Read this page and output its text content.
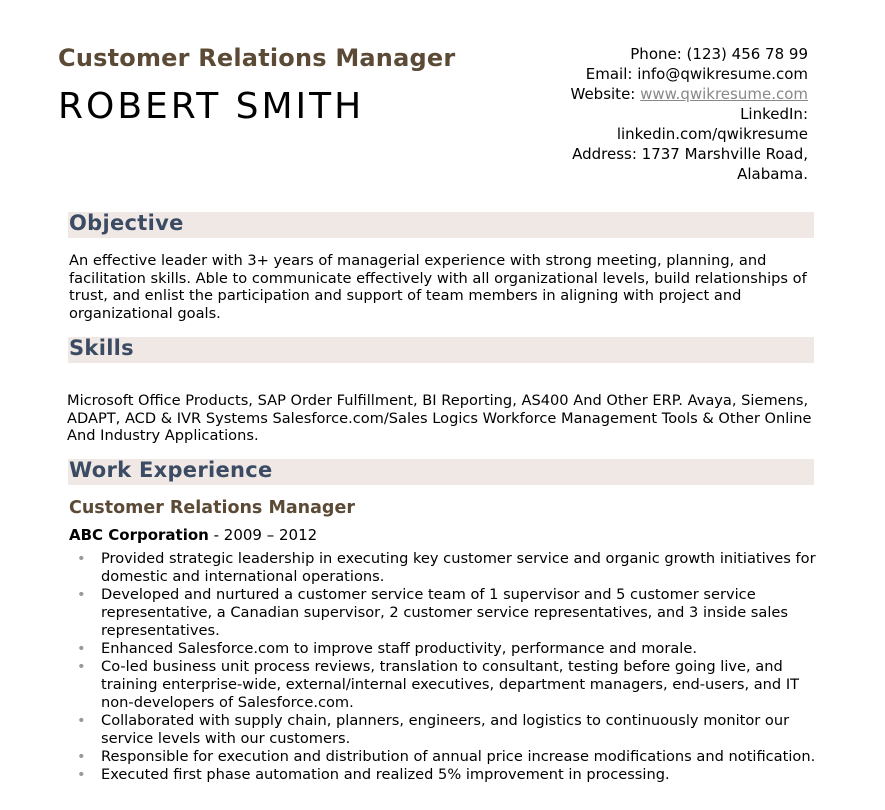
Customer Relations Manager
ROBERT SMITH
Phone: (123) 456 78 99
Email: info@qwikresume.com
Website: www.qwikresume.com
LinkedIn:
linkedin.com/qwikresume
Address: 1737 Marshville Road,
Alabama.
Objective
An effective leader with 3+ years of managerial experience with strong meeting, planning, and facilitation skills. Able to communicate effectively with all organizational levels, build relationships of trust, and enlist the participation and support of team members in aligning with project and organizational goals.
Skills
Microsoft Office Products, SAP Order Fulfillment, BI Reporting, AS400 And Other ERP. Avaya, Siemens, ADAPT, ACD & IVR Systems Salesforce.com/Sales Logics Workforce Management Tools & Other Online And Industry Applications.
Work Experience
Customer Relations Manager
ABC Corporation - 2009 – 2012
• Provided strategic leadership in executing key customer service and organic growth initiatives for domestic and international operations.
• Developed and nurtured a customer service team of 1 supervisor and 5 customer service representative, a Canadian supervisor, 2 customer service representatives, and 3 inside sales representatives.
• Enhanced Salesforce.com to improve staff productivity, performance and morale.
• Co-led business unit process reviews, translation to consultant, testing before going live, and training enterprise-wide, external/internal executives, department managers, end-users, and IT non-developers of Salesforce.com.
• Collaborated with supply chain, planners, engineers, and logistics to continuously monitor our service levels with our customers.
• Responsible for execution and distribution of annual price increase modifications and notification.
• Executed first phase automation and realized 5% improvement in processing.
